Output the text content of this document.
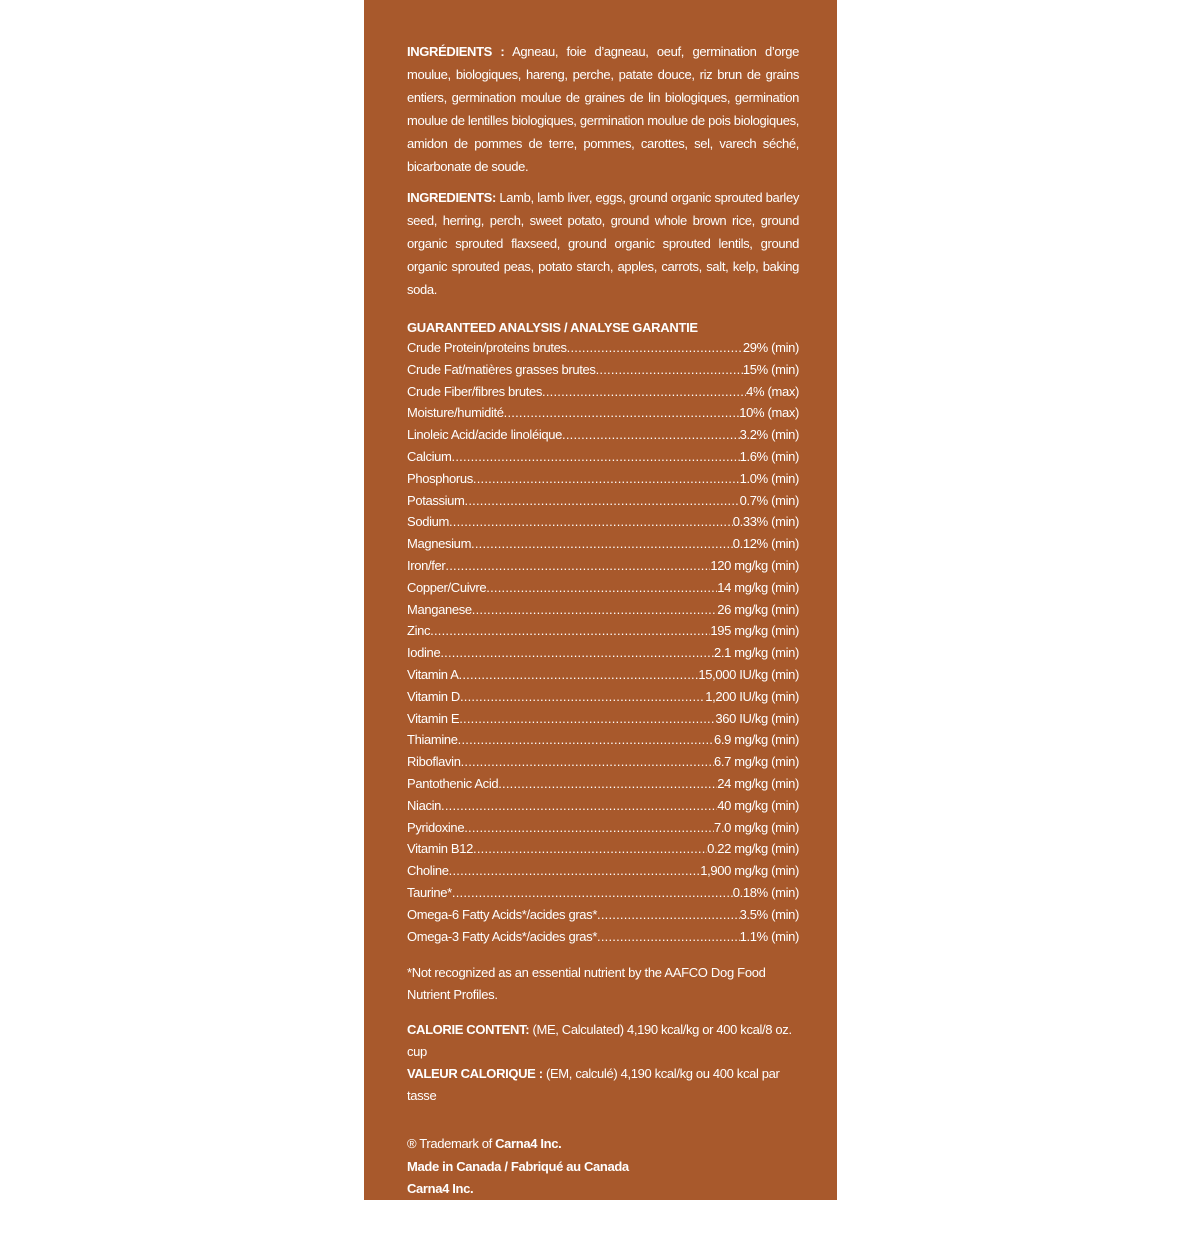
INGRÉDIENTS : Agneau, foie d’agneau, oeuf, germination d’orge moulue, biologiques, hareng, perche, patate douce, riz brun de grains entiers, germination moulue de graines de lin biologiques, germination moulue de lentilles biologiques, germination moulue de pois biologiques, amidon de pommes de terre, pommes, carottes, sel, varech séché, bicarbonate de soude.

INGREDIENTS: Lamb, lamb liver, eggs, ground organic sprouted barley seed, herring, perch, sweet potato, ground whole brown rice, ground organic sprouted flaxseed, ground organic sprouted lentils, ground organic sprouted peas, potato starch, apples, carrots, salt, kelp, baking soda.

GUARANTEED ANALYSIS / ANALYSE GARANTIE
Crude Protein/proteins brutes .....	29% (min)
Crude Fat/matières grasses brutes .....	15% (min)
Crude Fiber/fibres brutes .....	4% (max)
Moisture/humidité .....	10% (max)
Linoleic Acid/acide linoléique .....	3.2% (min)
Calcium .....	1.6% (min)
Phosphorus .....	1.0% (min)
Potassium .....	0.7% (min)
Sodium .....	0.33% (min)
Magnesium .....	0.12% (min)
Iron/fer .....	120 mg/kg (min)
Copper/Cuivre .....	14 mg/kg (min)
Manganese .....	26 mg/kg (min)
Zinc .....	195 mg/kg (min)
Iodine .....	2.1 mg/kg (min)
Vitamin A .....	15,000 IU/kg (min)
Vitamin D .....	1,200 IU/kg (min)
Vitamin E .....	360 IU/kg (min)
Thiamine .....	6.9 mg/kg (min)
Riboflavin .....	6.7 mg/kg (min)
Pantothenic Acid .....	24 mg/kg (min)
Niacin .....	40 mg/kg (min)
Pyridoxine .....	7.0 mg/kg (min)
Vitamin B12 .....	0.22 mg/kg (min)
Choline .....	1,900 mg/kg (min)
Taurine* .....	0.18% (min)
Omega-6 Fatty Acids*/acides gras* .....	3.5% (min)
Omega-3 Fatty Acids*/acides gras* .....	1.1% (min)
*Not recognized as an essential nutrient by the AAFCO Dog Food Nutrient Profiles.
CALORIE CONTENT: (ME, Calculated) 4,190 kcal/kg or 400 kcal/8 oz. cup
VALEUR CALORIQUE : (EM, calculé) 4,190 kcal/kg ou 400 kcal par tasse
® Trademark of Carna4 Inc.
Made in Canada / Fabriqué au Canada
Carna4 Inc.
P.O. Box 1915, Ann Arbor, MI 48106-1915 1-855-422-7624
3230 Yonge St. #1925, Toronto, ON M4N 3P6 1-855-422-7624
